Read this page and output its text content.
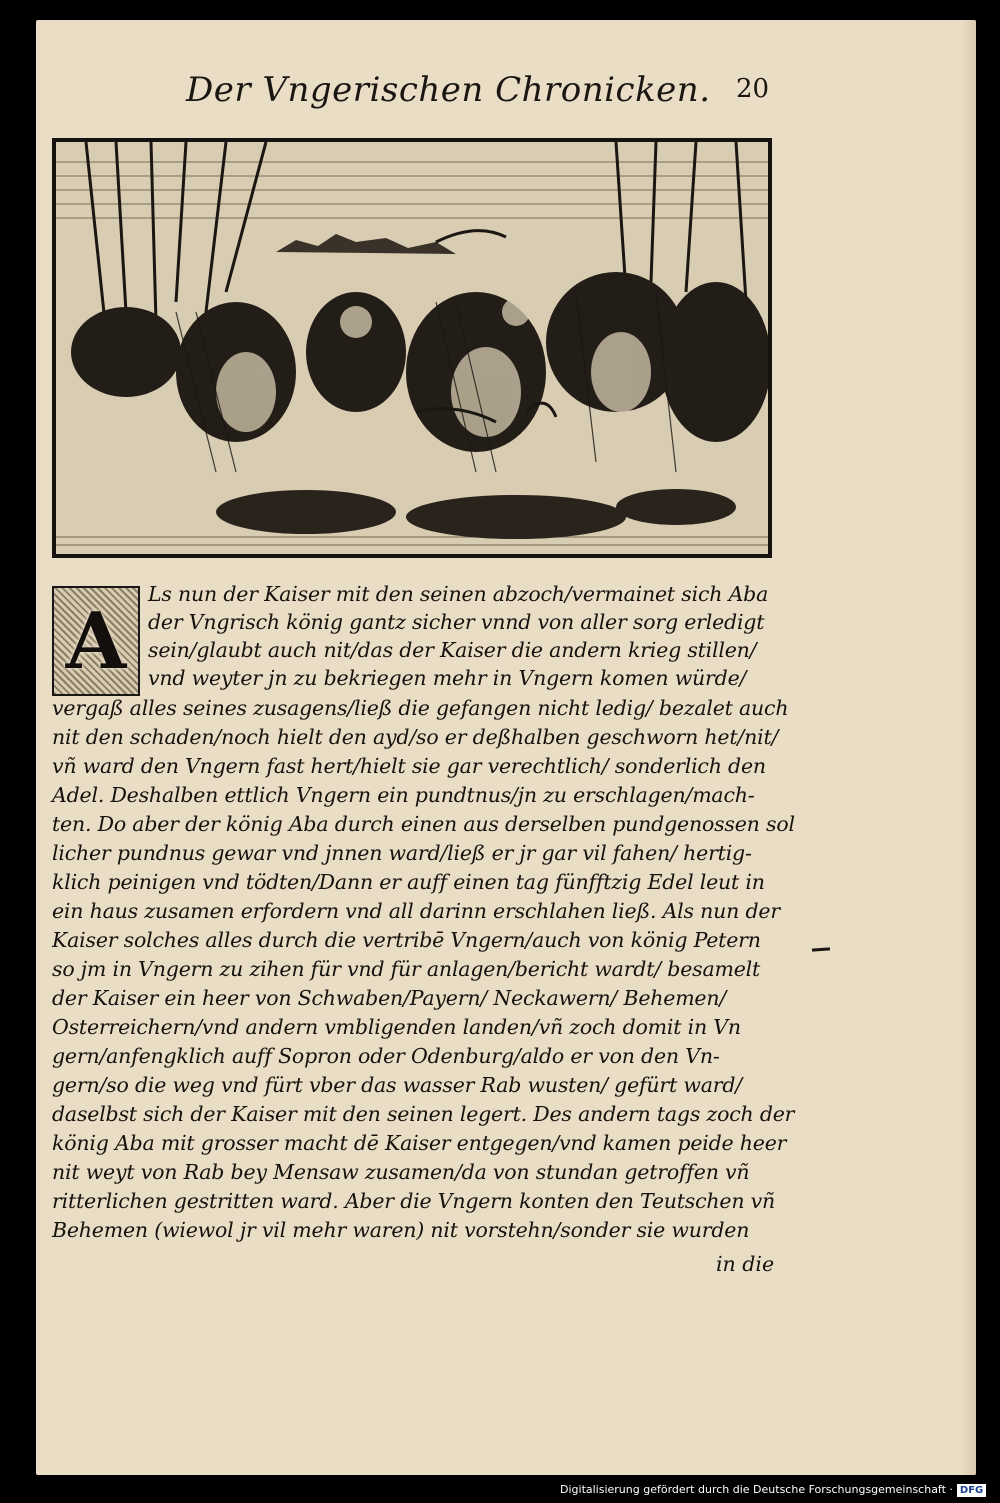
Der Vngerischen Chronicken. 20
A
Ls nun der Kaiser mit den seinen abzoch/vermainet sich Aba
der Vngrisch könig gantz sicher vnnd von aller sorg erledigt
sein/glaubt auch nit/das der Kaiser die andern krieg stillen/
vnd weyter jn zu bekriegen mehr in Vngern komen würde/
vergaß alles seines zusagens/ließ die gefangen nicht ledig/ bezalet auch
nit den schaden/noch hielt den ayd/so er deßhalben geschworn het/nit/
vñ ward den Vngern fast hert/hielt sie gar verechtlich/ sonderlich den
Adel. Deshalben ettlich Vngern ein pundtnus/jn zu erschlagen/mach-
ten. Do aber der könig Aba durch einen aus derselben pundgenossen sol
licher pundnus gewar vnd jnnen ward/ließ er jr gar vil fahen/ hertig-
klich peinigen vnd tödten/Dann er auff einen tag fünfftzig Edel leut in
ein haus zusamen erfordern vnd all darinn erschlahen ließ. Als nun der
Kaiser solches alles durch die vertribē Vngern/auch von könig Petern
so jm in Vngern zu zihen für vnd für anlagen/bericht wardt/ besamelt
der Kaiser ein heer von Schwaben/Payern/ Neckawern/ Behemen/
Osterreichern/vnd andern vmbligenden landen/vñ zoch domit in Vn
gern/anfengklich auff Sopron oder Odenburg/aldo er von den Vn-
gern/so die weg vnd fürt vber das wasser Rab wusten/ gefürt ward/
daselbst sich der Kaiser mit den seinen legert. Des andern tags zoch der
könig Aba mit grosser macht dē Kaiser entgegen/vnd kamen peide heer
nit weyt von Rab bey Mensaw zusamen/da von stundan getroffen vñ
ritterlichen gestritten ward. Aber die Vngern konten den Teutschen vñ
Behemen (wiewol jr vil mehr waren) nit vorstehn/sonder sie wurden
in die
Digitalisierung gefördert durch die Deutsche Forschungsgemeinschaft · DFG
